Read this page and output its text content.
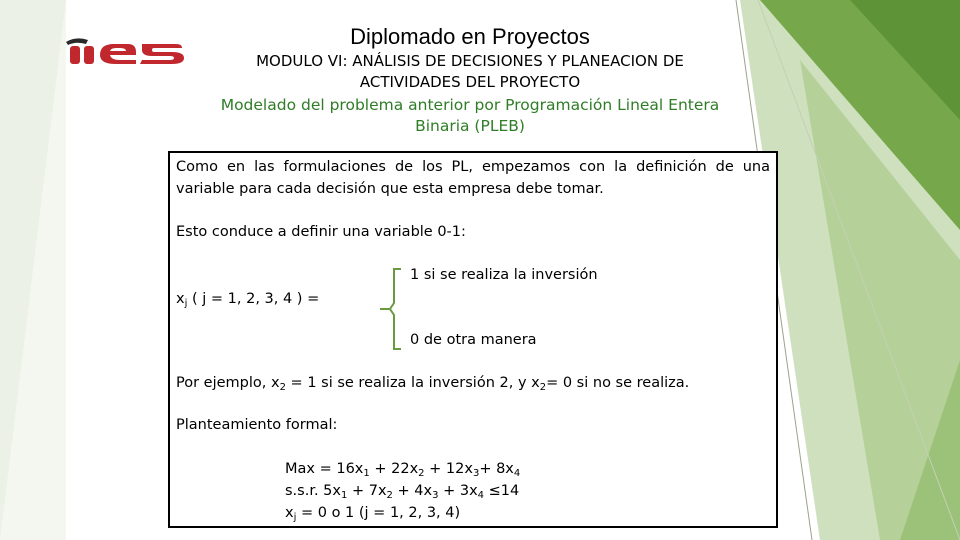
Diplomado en Proyectos
MODULO VI: ANÁLISIS DE DECISIONES Y PLANEACION DE ACTIVIDADES DEL PROYECTO
Modelado del problema anterior por Programación Lineal Entera Binaria (PLEB)
Como en las formulaciones de los PL, empezamos con la definición de una variable para cada decisión que esta empresa debe tomar.
Esto conduce a definir una variable 0-1:
$x_j$ ( j = 1, 2, 3, 4 ) =
1 si se realiza la inversión
0 de otra manera
Por ejemplo, $x_2 = 1$ si se realiza la inversión 2, y $x_2= 0$ si no se realiza.
Planteamiento formal:
Max = $16x_1 + 22x_2 + 12x_3+ 8x_4$
s.s.r. $5x_1 + 7x_2 + 4x_3 + 3x_4 \le 14$
$x_j = 0$ o 1 (j = 1, 2, 3, 4)
